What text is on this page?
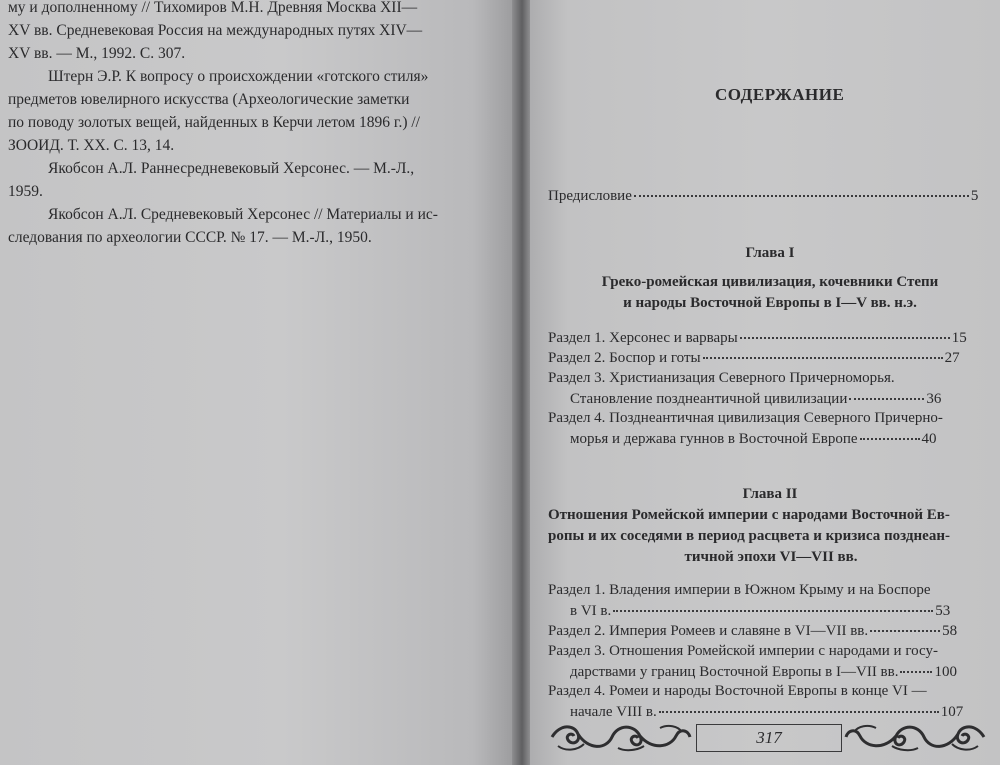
му и дополненному // Тихомиров М.Н. Древняя Москва XII—
XV вв. Средневековая Россия на международных путях XIV—
XV вв. — М., 1992. С. 307.
Штерн Э.Р. К вопросу о происхождении «готского стиля»
предметов ювелирного искусства (Археологические заметки
по поводу золотых вещей, найденных в Керчи летом 1896 г.) //
ЗООИД. Т. XX. С. 13, 14.
Якобсон А.Л. Раннесредневековый Херсонес. — М.-Л.,
1959.
Якобсон А.Л. Средневековый Херсонес // Материалы и ис-
следования по археологии СССР. № 17. — М.-Л., 1950.
СОДЕРЖАНИЕ
Предисловие	5
Глава I
Греко-ромейская цивилизация, кочевники Степи
и народы Восточной Европы в I—V вв. н.э.
Раздел 1. Херсонес и варвары	15
Раздел 2. Боспор и готы	27
Раздел 3. Христианизация Северного Причерноморья.
Становление позднеантичной цивилизации	36
Раздел 4. Позднеантичная цивилизация Северного Причерно-
морья и держава гуннов в Восточной Европе	40
Глава II
Отношения Ромейской империи с народами Восточной Ев-
ропы и их соседями в период расцвета и кризиса позднеан-
тичной эпохи VI—VII вв.
Раздел 1. Владения империи в Южном Крыму и на Боспоре
в VI в.	53
Раздел 2. Империя Ромеев и славяне в VI—VII вв.	58
Раздел 3. Отношения Ромейской империи с народами и госу-
дарствами у границ Восточной Европы в I—VII вв. 100
Раздел 4. Ромеи и народы Восточной Европы в конце VI —
начале VIII в.	107
317
